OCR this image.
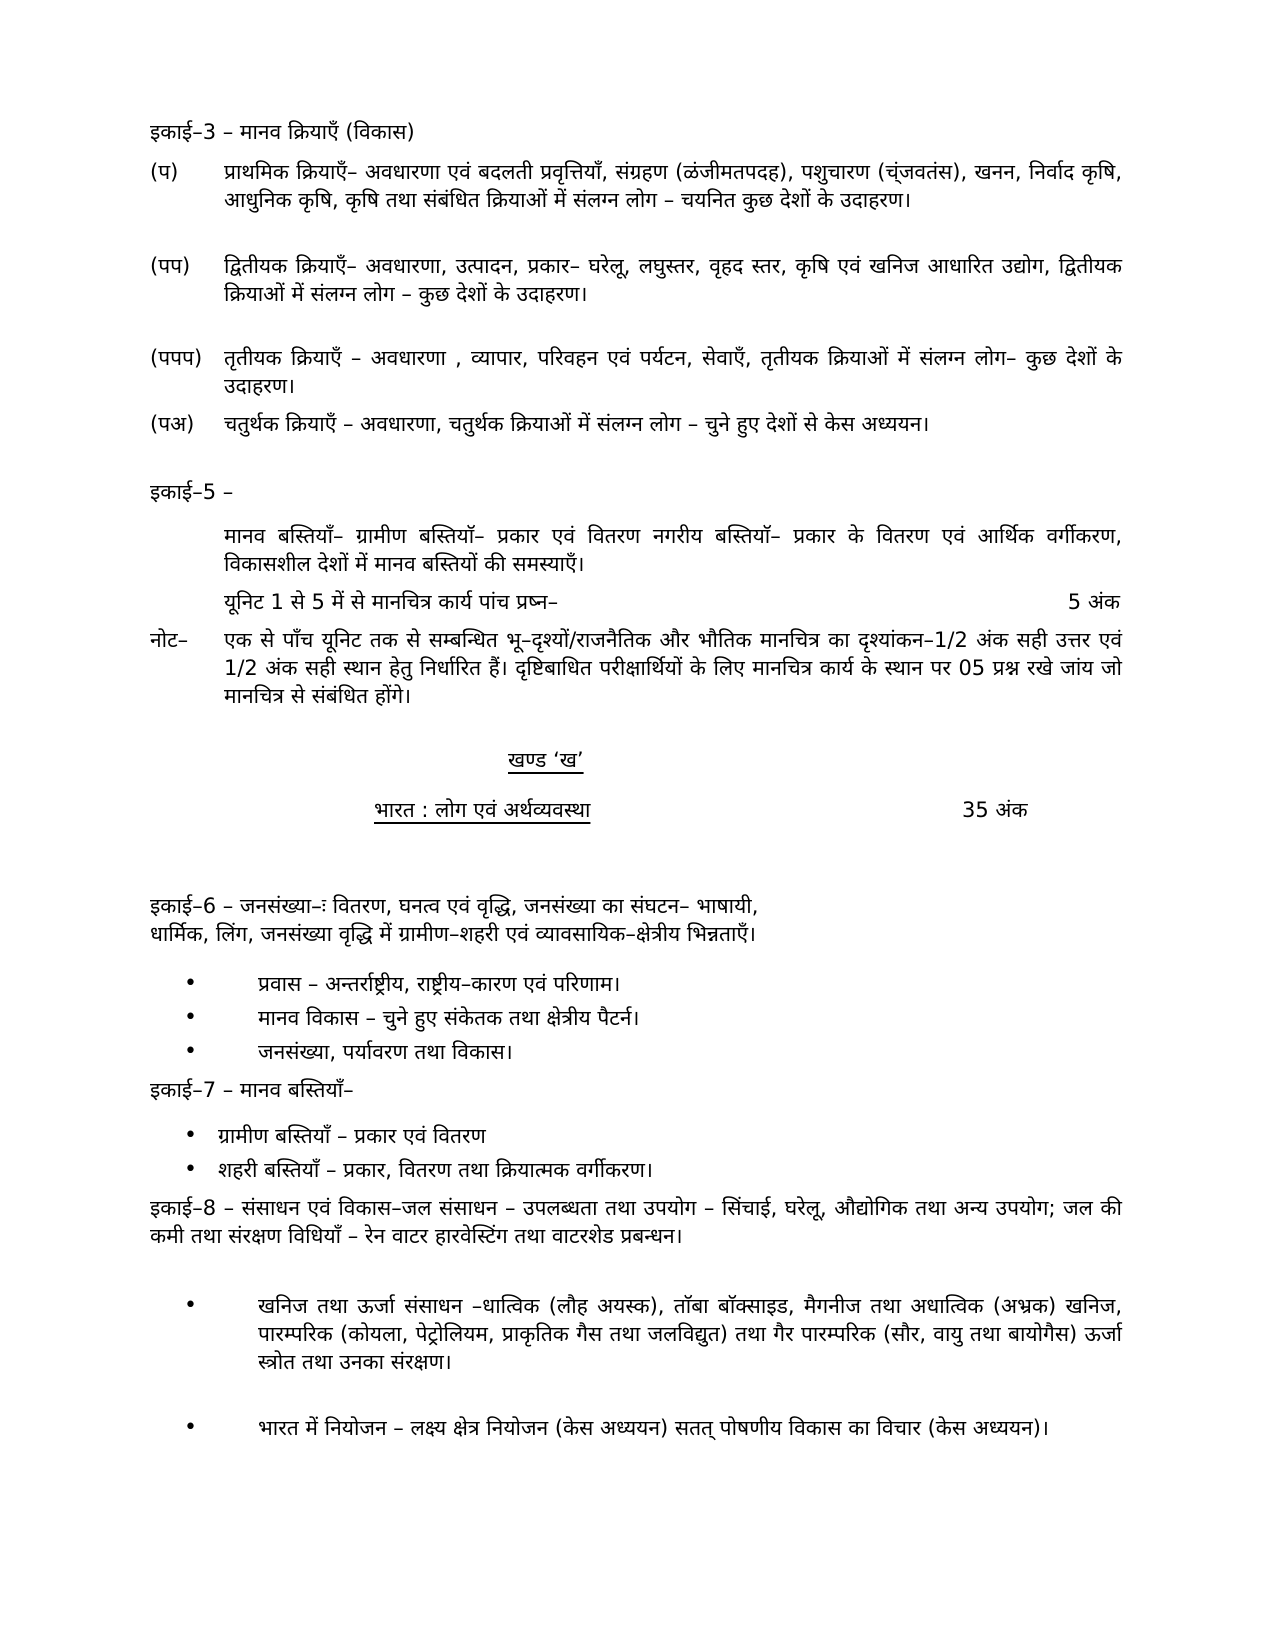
इकाई–3 – मानव क्रियाएँ (विकास)
(प) प्राथमिक क्रियाएँ– अवधारणा एवं बदलती प्रवृत्तियाँ, संग्रहण (ळंजीमतपदह), पशुचारण (च्ंजवतंस), खनन, निर्वाद कृषि, आधुनिक कृषि, कृषि तथा संबंधित क्रियाओं में संलग्न लोग – चयनित कुछ देशों के उदाहरण।
(पप) द्वितीयक क्रियाएँ– अवधारणा, उत्पादन, प्रकार– घरेलू, लघुस्तर, वृहद स्तर, कृषि एवं खनिज आधारित उद्योग, द्वितीयक क्रियाओं में संलग्न लोग – कुछ देशों के उदाहरण।
(पपप) तृतीयक क्रियाएँ – अवधारणा , व्यापार, परिवहन एवं पर्यटन, सेवाएँ, तृतीयक क्रियाओं में संलग्न लोग– कुछ देशों के उदाहरण।
(पअ) चतुर्थक क्रियाएँ – अवधारणा, चतुर्थक क्रियाओं में संलग्न लोग – चुने हुए देशों से केस अध्ययन।
इकाई–5 –
मानव बस्तियाँ– ग्रामीण बस्तियाॅ– प्रकार एवं वितरण नगरीय बस्तियाॅ– प्रकार के वितरण एवं आर्थिक वर्गीकरण, विकासशील देशों में मानव बस्तियों की समस्याएँ।
यूनिट 1 से 5 में से मानचित्र कार्य पांच प्रष्न–	5 अंक
नोट– एक से पाँच यूनिट तक से सम्बन्धित भू–दृश्यों/राजनैतिक और भौतिक मानचित्र का दृश्यांकन–1/2 अंक सही उत्तर एवं 1/2 अंक सही स्थान हेतु निर्धारित हैं। दृष्टिबाधित परीक्षार्थियों के लिए मानचित्र कार्य के स्थान पर 05 प्रश्न रखे जांय जो मानचित्र से संबंधित होंगे।
खण्ड ‘ख’
भारत : लोग एवं अर्थव्यवस्था	35 अंक
इकाई–6 – जनसंख्या–ः वितरण, घनत्व एवं वृद्धि, जनसंख्या का संघटन– भाषायी,
धार्मिक, लिंग, जनसंख्या वृद्धि में ग्रामीण–शहरी एवं व्यावसायिक–क्षेत्रीय भिन्नताएँ।
•	प्रवास – अन्तर्राष्ट्रीय, राष्ट्रीय–कारण एवं परिणाम।
•	मानव विकास – चुने हुए संकेतक तथा क्षेत्रीय पैटर्न।
•	जनसंख्या, पर्यावरण तथा विकास।
इकाई–7 – मानव बस्तियाँ–
• ग्रामीण बस्तियाँ – प्रकार एवं वितरण
• शहरी बस्तियाँ – प्रकार, वितरण तथा क्रियात्मक वर्गीकरण।
इकाई–8 – संसाधन एवं विकास–जल संसाधन – उपलब्धता तथा उपयोग – सिंचाई, घरेलू, औद्योगिक तथा अन्य उपयोग; जल की कमी तथा संरक्षण विधियाँ – रेन वाटर हारवेस्टिंग तथा वाटरशेड प्रबन्धन।
•	खनिज तथा ऊर्जा संसाधन –धात्विक (लौह अयस्क), ताॅबा बाॅक्साइड, मैगनीज तथा अधात्विक (अभ्रक) खनिज, पारम्परिक (कोयला, पेट्रोलियम, प्राकृतिक गैस तथा जलविद्युत) तथा गैर पारम्परिक (सौर, वायु तथा बायोगैस) ऊर्जा स्त्रोत तथा उनका संरक्षण।
•	भारत में नियोजन – लक्ष्य क्षेत्र नियोजन (केस अध्ययन) सतत् पोषणीय विकास का विचार (केस अध्ययन)।
